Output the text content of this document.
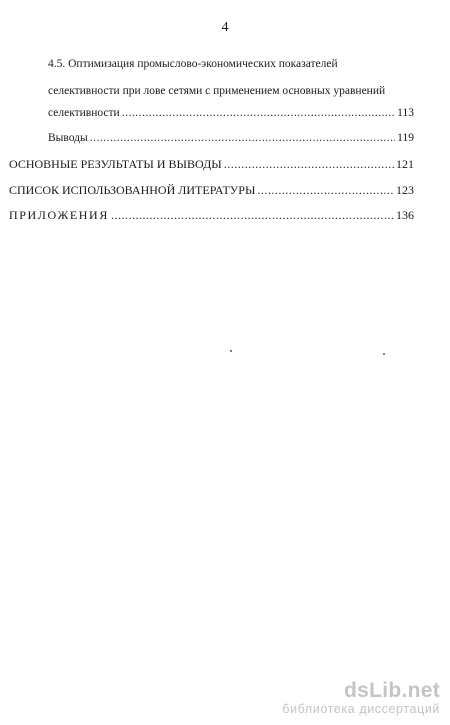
4
4.5. Оптимизация промыслово-экономических показателей
селективности при лове сетями с применением основных уравнений
селективности .....	113
Выводы .....	119
ОСНОВНЫЕ РЕЗУЛЬТАТЫ И ВЫВОДЫ .....	121
СПИСОК ИСПОЛЬЗОВАННОЙ ЛИТЕРАТУРЫ .....	123
ПРИЛОЖЕНИЯ .....	136
dsLib.net
библиотека диссертаций
